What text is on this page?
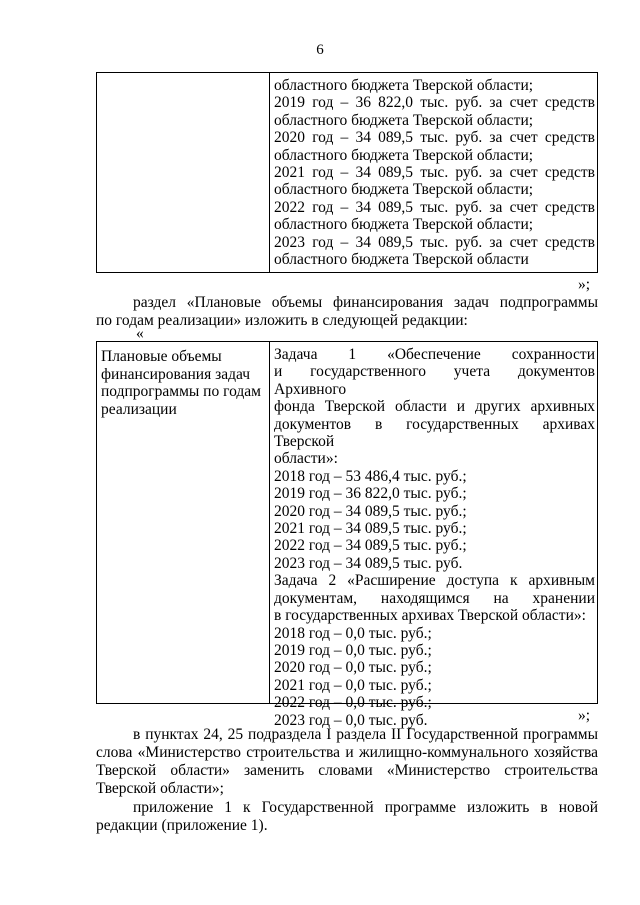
6
областного бюджета Тверской области;
2019 год – 36 822,0 тыс. руб. за счет средств
областного бюджета Тверской области;
2020 год – 34 089,5 тыс. руб. за счет средств
областного бюджета Тверской области;
2021 год – 34 089,5 тыс. руб. за счет средств
областного бюджета Тверской области;
2022 год – 34 089,5 тыс. руб. за счет средств
областного бюджета Тверской области;
2023 год – 34 089,5 тыс. руб. за счет средств
областного бюджета Тверской области
»;
раздел «Плановые объемы финансирования задач подпрограммы
по годам реализации» изложить в следующей редакции:
«
Плановые объемы
финансирования задач
подпрограммы по годам
реализации
Задача 1 «Обеспечение сохранности
и государственного учета документов Архивного
фонда Тверской области и других архивных
документов в государственных архивах Тверской
области»:
2018 год – 53 486,4 тыс. руб.;
2019 год – 36 822,0 тыс. руб.;
2020 год – 34 089,5 тыс. руб.;
2021 год – 34 089,5 тыс. руб.;
2022 год – 34 089,5 тыс. руб.;
2023 год – 34 089,5 тыс. руб.
Задача 2 «Расширение доступа к архивным
документам, находящимся на хранении
в государственных архивах Тверской области»:
2018 год – 0,0 тыс. руб.;
2019 год – 0,0 тыс. руб.;
2020 год – 0,0 тыс. руб.;
2021 год – 0,0 тыс. руб.;
2022 год – 0,0 тыс. руб.;
2023 год – 0,0 тыс. руб.	»;
в пунктах 24, 25 подраздела I раздела II Государственной программы
слова «Министерство строительства и жилищно-коммунального хозяйства
Тверской области» заменить словами «Министерство строительства
Тверской области»;
приложение 1 к Государственной программе изложить в новой
редакции (приложение 1).
